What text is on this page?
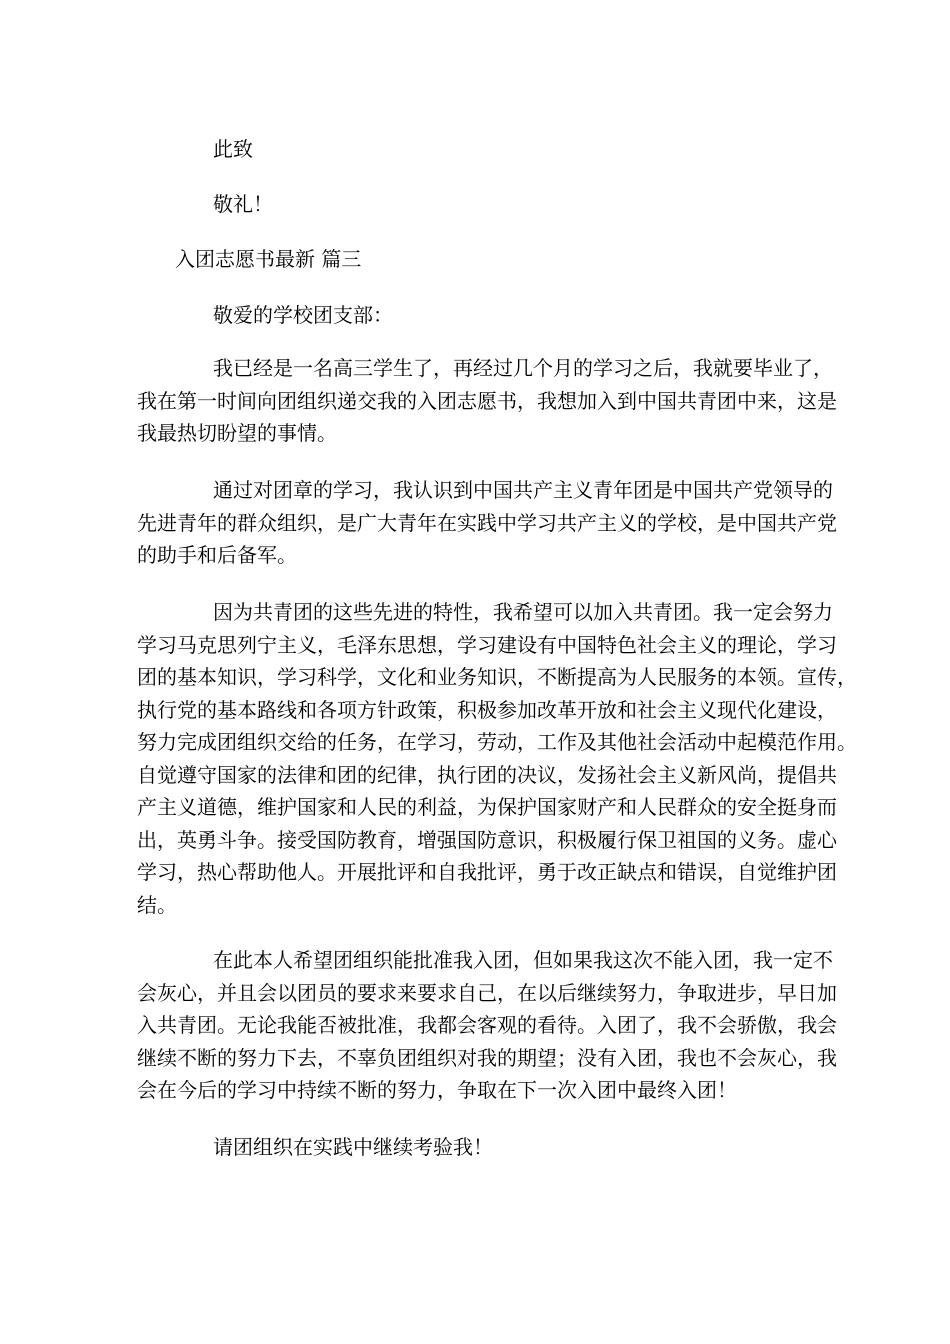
此致
敬礼！
入团志愿书最新 篇三
敬爱的学校团支部：
我已经是一名高三学生了，再经过几个月的学习之后，我就要毕业了，
我在第一时间向团组织递交我的入团志愿书，我想加入到中国共青团中来，这是
我最热切盼望的事情。
通过对团章的学习，我认识到中国共产主义青年团是中国共产党领导的
先进青年的群众组织，是广大青年在实践中学习共产主义的学校，是中国共产党
的助手和后备军。
因为共青团的这些先进的特性，我希望可以加入共青团。我一定会努力
学习马克思列宁主义，毛泽东思想，学习建设有中国特色社会主义的理论，学习
团的基本知识，学习科学，文化和业务知识，不断提高为人民服务的本领。宣传，
执行党的基本路线和各项方针政策，积极参加改革开放和社会主义现代化建设，
努力完成团组织交给的任务，在学习，劳动，工作及其他社会活动中起模范作用。
自觉遵守国家的法律和团的纪律，执行团的决议，发扬社会主义新风尚，提倡共
产主义道德，维护国家和人民的利益，为保护国家财产和人民群众的安全挺身而
出，英勇斗争。接受国防教育，增强国防意识，积极履行保卫祖国的义务。虚心
学习，热心帮助他人。开展批评和自我批评，勇于改正缺点和错误，自觉维护团
结。
在此本人希望团组织能批准我入团，但如果我这次不能入团，我一定不
会灰心，并且会以团员的要求来要求自己，在以后继续努力，争取进步，早日加
入共青团。无论我能否被批准，我都会客观的看待。入团了，我不会骄傲，我会
继续不断的努力下去，不辜负团组织对我的期望；没有入团，我也不会灰心，我
会在今后的学习中持续不断的努力，争取在下一次入团中最终入团！
请团组织在实践中继续考验我！
